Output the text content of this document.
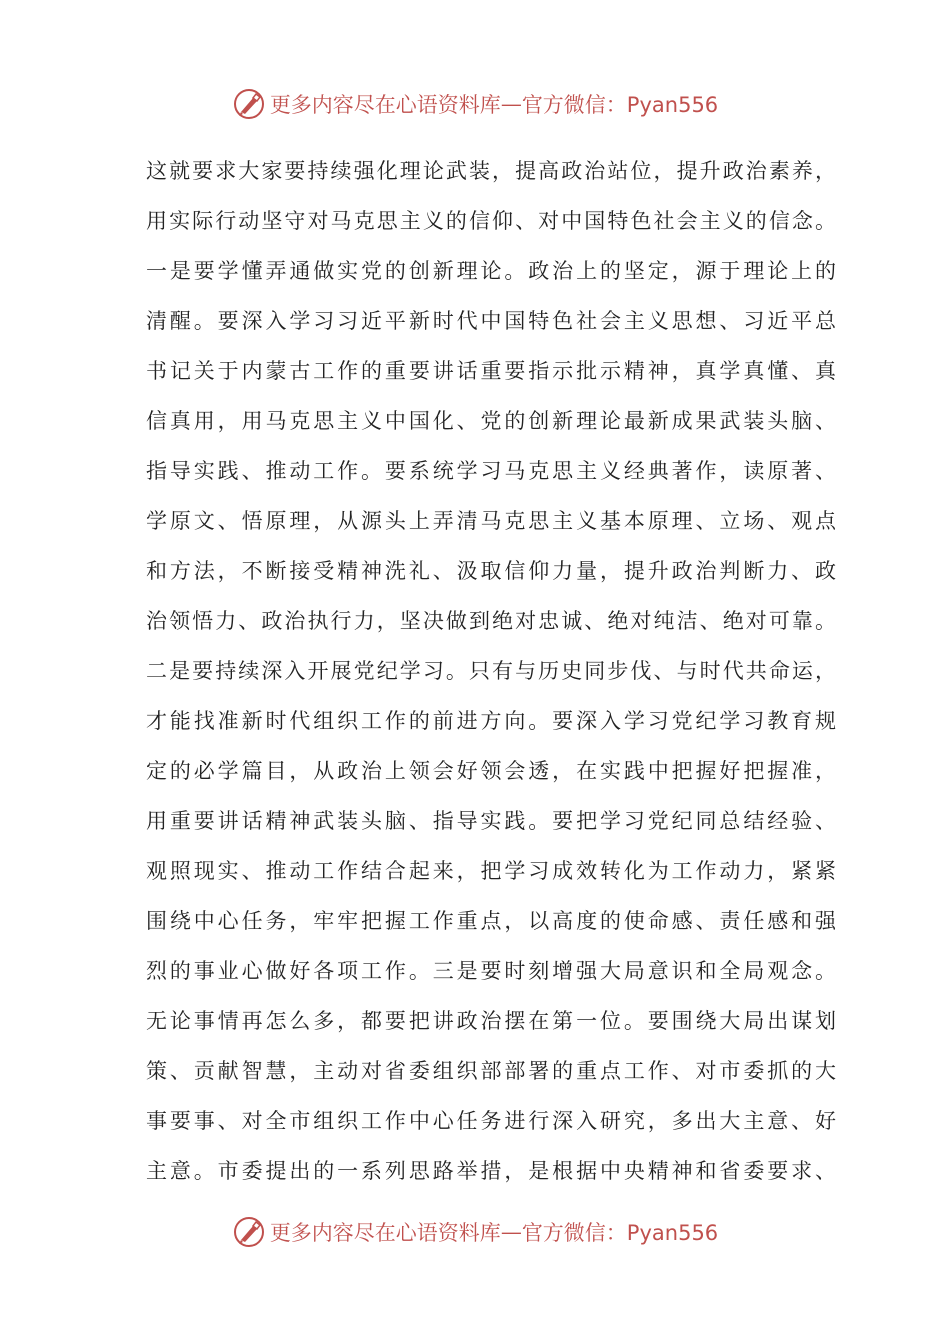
更多内容尽在心语资料库 — 官方微信：Pyan556
这就要求大家要持续强化理论武装，提高政治站位，提升政治素养，
用实际行动坚守对马克思主义的信仰、对中国特色社会主义的信念。
一是要学懂弄通做实党的创新理论。政治上的坚定，源于理论上的
清醒。要深入学习习近平新时代中国特色社会主义思想、习近平总
书记关于内蒙古工作的重要讲话重要指示批示精神，真学真懂、真
信真用，用马克思主义中国化、党的创新理论最新成果武装头脑、
指导实践、推动工作。要系统学习马克思主义经典著作，读原著、
学原文、悟原理，从源头上弄清马克思主义基本原理、立场、观点
和方法，不断接受精神洗礼、汲取信仰力量，提升政治判断力、政
治领悟力、政治执行力，坚决做到绝对忠诚、绝对纯洁、绝对可靠。
二是要持续深入开展党纪学习。只有与历史同步伐、与时代共命运，
才能找准新时代组织工作的前进方向。要深入学习党纪学习教育规
定的必学篇目，从政治上领会好领会透，在实践中把握好把握准，
用重要讲话精神武装头脑、指导实践。要把学习党纪同总结经验、
观照现实、推动工作结合起来，把学习成效转化为工作动力，紧紧
围绕中心任务，牢牢把握工作重点，以高度的使命感、责任感和强
烈的事业心做好各项工作。三是要时刻增强大局意识和全局观念。
无论事情再怎么多，都要把讲政治摆在第一位。要围绕大局出谋划
策、贡献智慧，主动对省委组织部部署的重点工作、对市委抓的大
事要事、对全市组织工作中心任务进行深入研究，多出大主意、好
主意。市委提出的一系列思路举措，是根据中央精神和省委要求、
更多内容尽在心语资料库 — 官方微信：Pyan556
